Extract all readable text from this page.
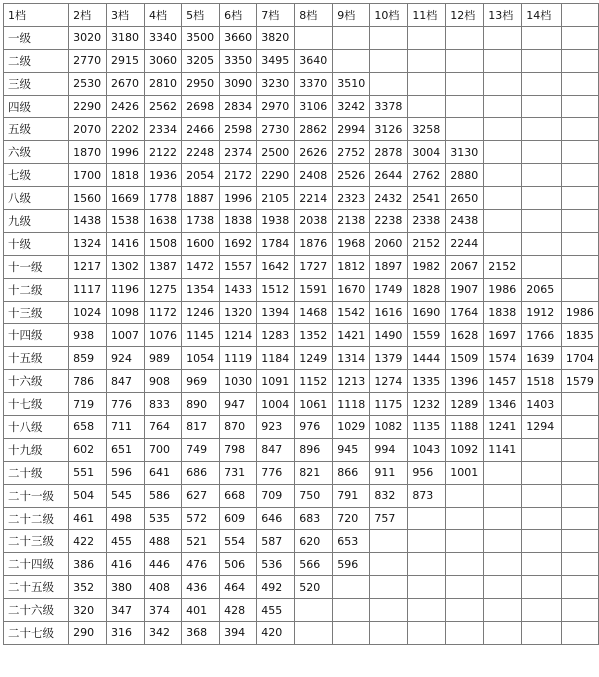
1档	2档	3档	4档	5档	6档	7档	8档	9档	10档	11档	12档	13档	14档	
一级	3020	3180	3340	3500	3660	3820								
二级	2770	2915	3060	3205	3350	3495	3640							
三级	2530	2670	2810	2950	3090	3230	3370	3510						
四级	2290	2426	2562	2698	2834	2970	3106	3242	3378					
五级	2070	2202	2334	2466	2598	2730	2862	2994	3126	3258				
六级	1870	1996	2122	2248	2374	2500	2626	2752	2878	3004	3130			
七级	1700	1818	1936	2054	2172	2290	2408	2526	2644	2762	2880			
八级	1560	1669	1778	1887	1996	2105	2214	2323	2432	2541	2650			
九级	1438	1538	1638	1738	1838	1938	2038	2138	2238	2338	2438			
十级	1324	1416	1508	1600	1692	1784	1876	1968	2060	2152	2244			
十一级	1217	1302	1387	1472	1557	1642	1727	1812	1897	1982	2067	2152		
十二级	1117	1196	1275	1354	1433	1512	1591	1670	1749	1828	1907	1986	2065	
十三级	1024	1098	1172	1246	1320	1394	1468	1542	1616	1690	1764	1838	1912	1986
十四级	938	1007	1076	1145	1214	1283	1352	1421	1490	1559	1628	1697	1766	1835
十五级	859	924	989	1054	1119	1184	1249	1314	1379	1444	1509	1574	1639	1704
十六级	786	847	908	969	1030	1091	1152	1213	1274	1335	1396	1457	1518	1579
十七级	719	776	833	890	947	1004	1061	1118	1175	1232	1289	1346	1403	
十八级	658	711	764	817	870	923	976	1029	1082	1135	1188	1241	1294	
十九级	602	651	700	749	798	847	896	945	994	1043	1092	1141		
二十级	551	596	641	686	731	776	821	866	911	956	1001			
二十一级	504	545	586	627	668	709	750	791	832	873				
二十二级	461	498	535	572	609	646	683	720	757					
二十三级	422	455	488	521	554	587	620	653						
二十四级	386	416	446	476	506	536	566	596						
二十五级	352	380	408	436	464	492	520							
二十六级	320	347	374	401	428	455								
二十七级	290	316	342	368	394	420								
